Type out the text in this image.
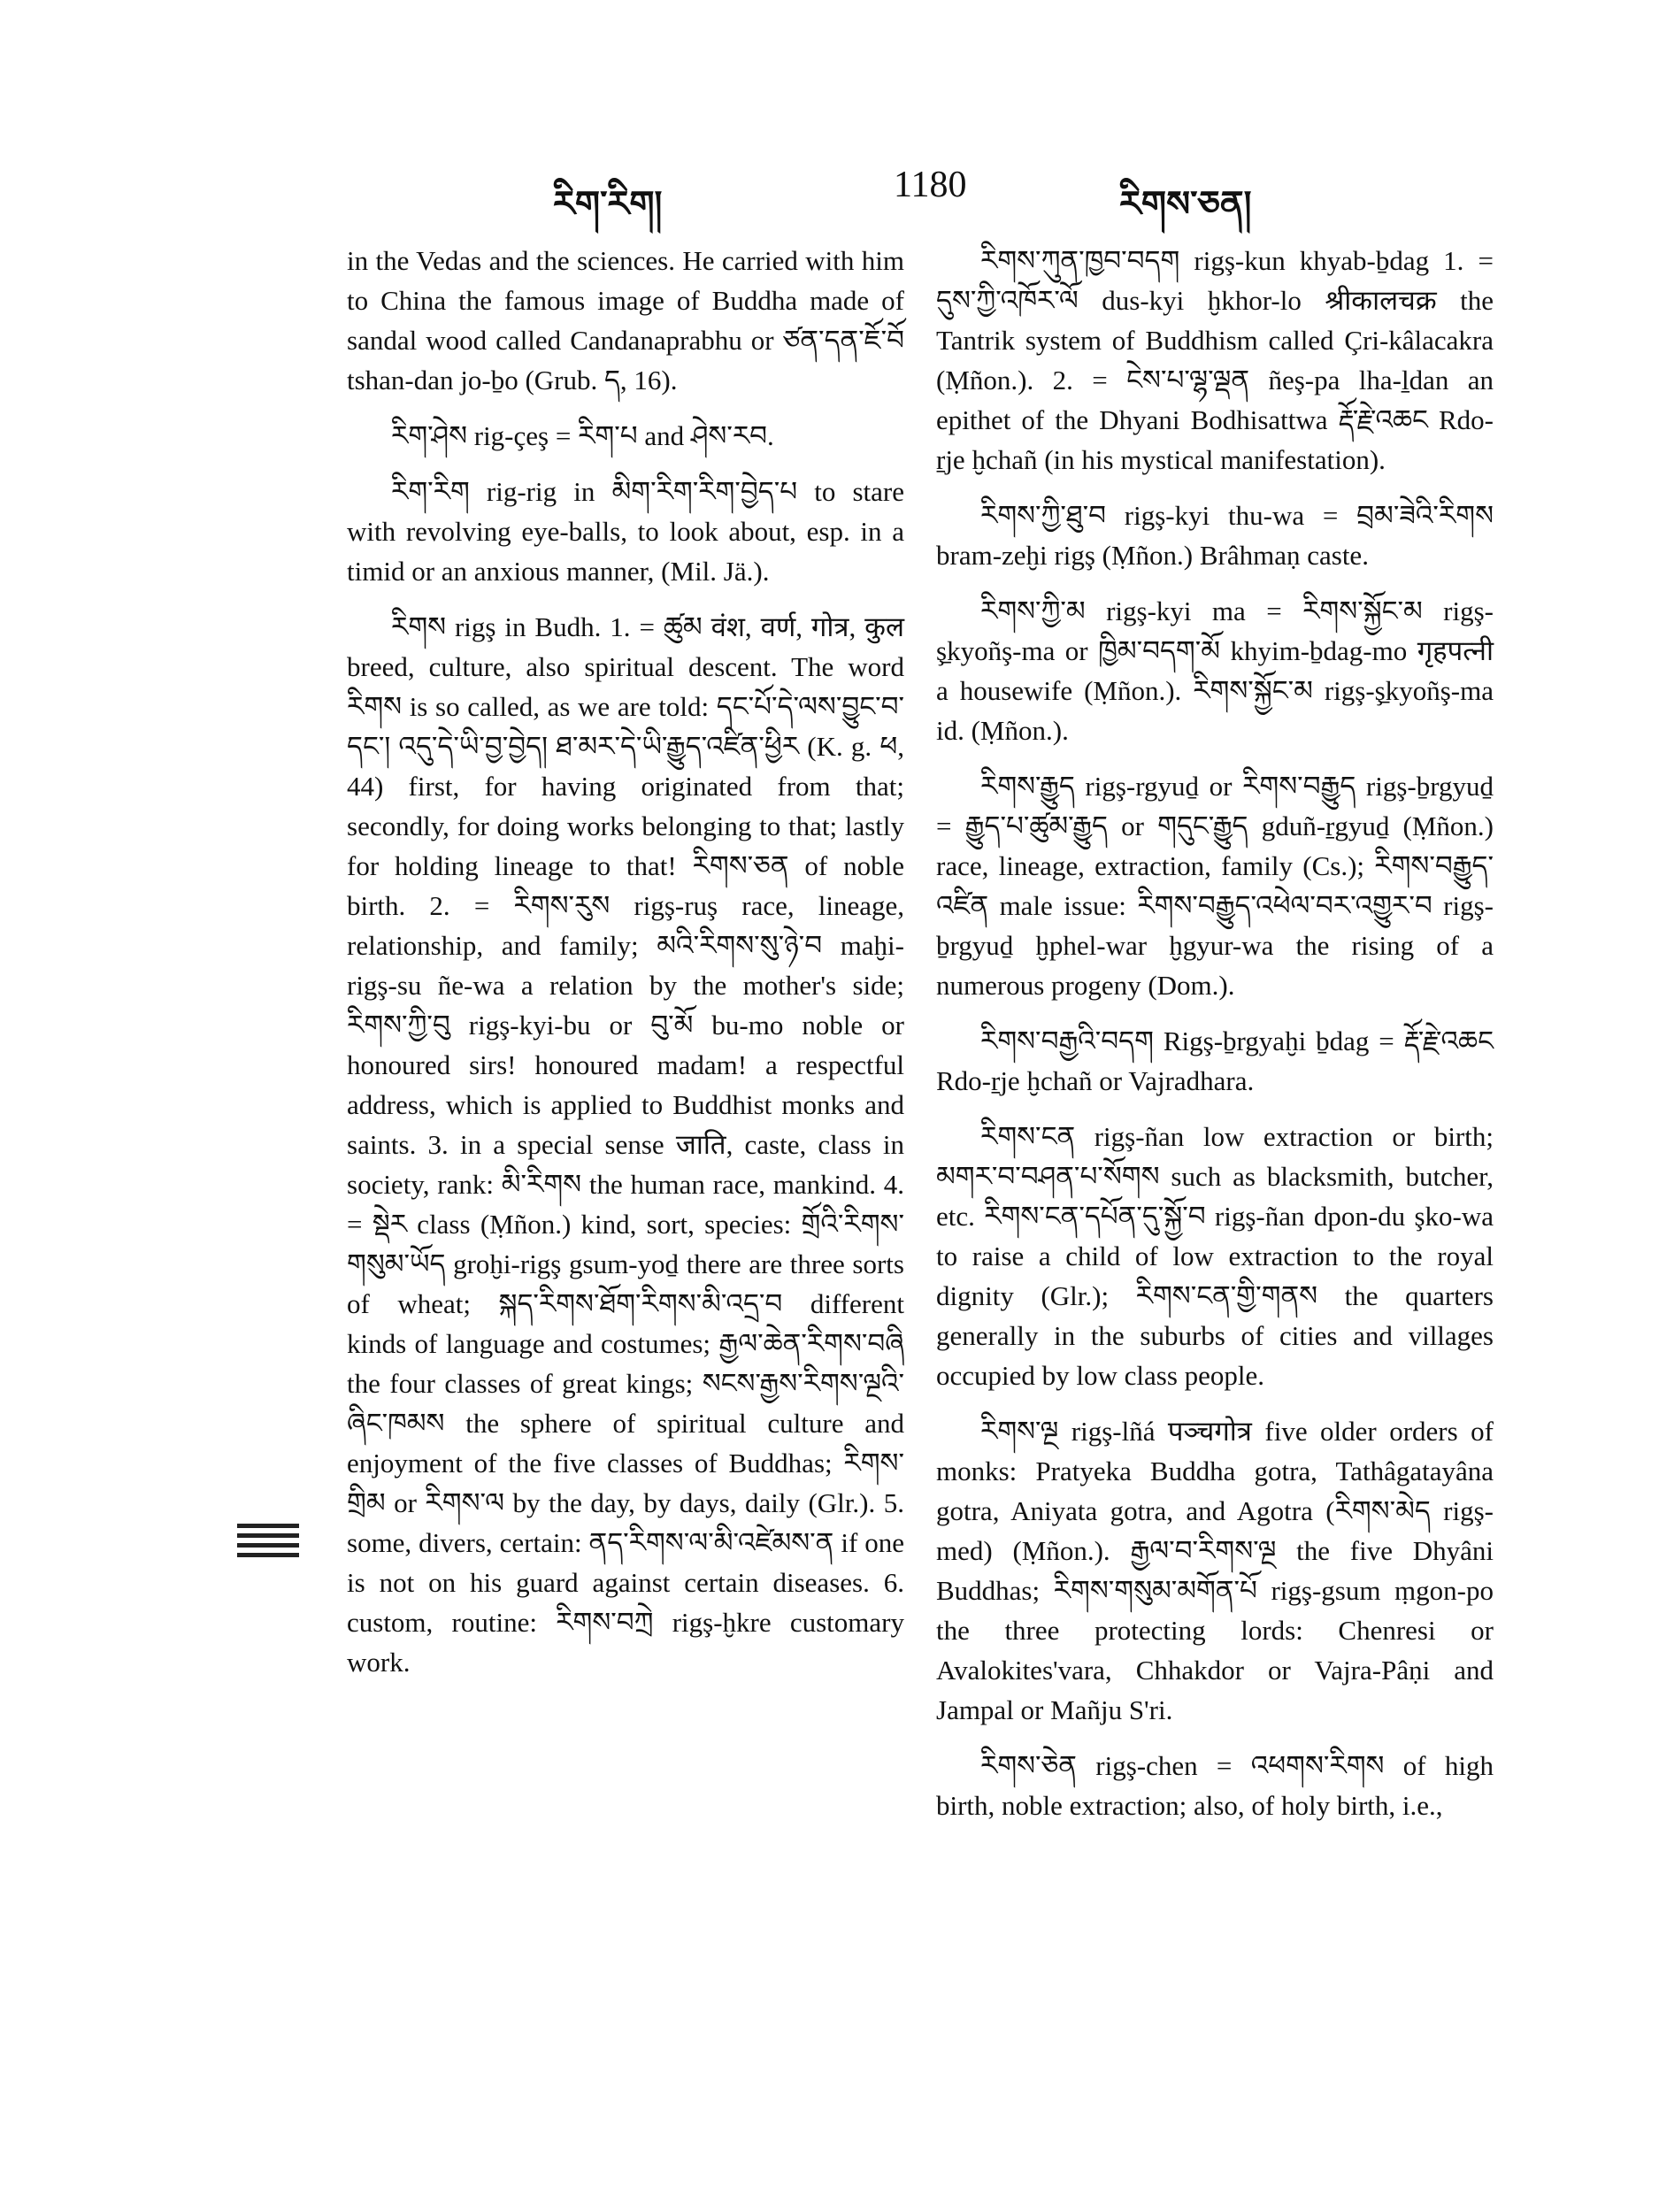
རིག་རིག།	1180	རིགས་ཅན།

in the Vedas and the sciences. He carried with him to China the famous image of Buddha made of sandal wood called Candanaprabhu or ཙན་དན་ཇོ་བོ tshan-dan jo-ḇo (Grub. ད, 16).

རིག་ཤེས rig-çeş = རིག་པ and ཤེས་རབ.

རིག་རིག rig-rig in མིག་རིག་རིག་བྱེད་པ to stare with revolving eye-balls, to look about, esp. in a timid or an anxious manner, (Mil. Jä.).

རིགས rigş in Budh. 1. = ཚུམ वंश, वर्ण, गोत्र, कुल breed, culture, also spiritual descent. The word རིགས is so called, as we are told: དང་པོ་དེ་ལས་བྱུང་བ་དང་། འདུ་དེ་ཡི་བྱ་བྱེད། ཐ་མར་དེ་ཡི་རྒྱུད་འཛིན་ཕྱིར (K. g. ཕ, 44) first, for having originated from that; secondly, for doing works belonging to that; lastly for holding lineage to that! རིགས་ཅན of noble birth. 2. = རིགས་རུས rigş-ruş race, lineage, relationship, and family; མའི་རིགས་སུ་ཉེ་བ maḫi-rigş-su ñe-wa a relation by the mother's side; རིགས་ཀྱི་བུ rigş-kyi-bu or བུ་མོ bu-mo noble or honoured sirs! honoured madam! a respectful address, which is applied to Buddhist monks and saints. 3. in a special sense जाति, caste, class in society, rank: མི་རིགས the human race, mankind. 4. = སྡེར class (Ṃñon.) kind, sort, species: གྲོའི་རིགས་གསུམ་ཡོད groḫi-rigş gsum-yoḏ there are three sorts of wheat; སྐད་རིགས་ཐོག་རིགས་མི་འདྲ་བ different kinds of language and costumes; རྒྱལ་ཆེན་རིགས་བཞི the four classes of great kings; སངས་རྒྱས་རིགས་ལྔའི་ཞིང་ཁམས the sphere of spiritual culture and enjoyment of the five classes of Buddhas; རིགས་གྲིམ or རིགས་ལ by the day, by days, daily (Glr.). 5. some, divers, certain: ནད་རིགས་ལ་མི་འཛེམས་ན if one is not on his guard against certain diseases. 6. custom, routine: རིགས་བཀྲེ rigş-ḫkre customary work.

རིགས་ཀུན་ཁྱབ་བདག rigş-kun khyab-ḇdag 1. = དུས་ཀྱི་འཁོར་ལོ dus-kyi ḫkhor-lo श्रीकालचक्र the Tantrik system of Buddhism called Çri-kâlacakra (Ṃñon.). 2. = ངེས་པ་ལྷ་ལྡན ñeş-pa lha-ḻdan an epithet of the Dhyani Bodhisattwa རྡོ་རྗེ་འཆང Rdo-ṟje ḫchañ (in his mystical manifestation).

རིགས་ཀྱི་ཐུ་བ rigş-kyi thu-wa = བྲམ་ཟེའི་རིགས bram-zeḫi rigş (Ṃñon.) Brâhmaṇ caste.

རིགས་ཀྱི་མ rigş-kyi ma = རིགས་སྐྱོང་མ rigş-ş̱kyoñş-ma or ཁྱིམ་བདག་མོ khyim-ḇdag-mo गृहपत्नी a housewife (Ṃñon.). རིགས་སྐྱོང་མ rigş-ş̱kyoñş-ma id. (Ṃñon.).

རིགས་རྒྱུད rigş-rgyuḏ or རིགས་བརྒྱུད rigş-ḇrgyuḏ = རྒྱུད་པ་ཚུམ་རྒྱུད or གདུང་རྒྱུད gduñ-ṟgyuḏ (Ṃñon.) race, lineage, extraction, family (Cs.); རིགས་བརྒྱུད་འཛིན male issue: རིགས་བརྒྱུད་འཕེལ་བར་འགྱུར་བ rigş-ḇrgyuḏ ḫphel-war ḫgyur-wa the rising of a numerous progeny (Dom.).

རིགས་བརྒྱའི་བདག Rigş-ḇrgyaḫi ḇdag = རྡོ་རྗེ་འཆང Rdo-ṟje ḫchañ or Vajradhara.

རིགས་ངན rigş-ñan low extraction or birth; མགར་བ་བཤན་པ་སོགས such as blacksmith, butcher, etc. རིགས་ངན་དཔོན་དུ་སྐྱོ་བ rigş-ñan dpon-du şko-wa to raise a child of low extraction to the royal dignity (Glr.); རིགས་ངན་གྱི་གནས the quarters generally in the suburbs of cities and villages occupied by low class people.

རིགས་ལྔ rigş-lñá पञ्चगोत्र five older orders of monks: Pratyeka Buddha gotra, Tathâgatayâna gotra, Aniyata gotra, and Agotra (རིགས་མེད rigş-med) (Ṃñon.). རྒྱལ་བ་རིགས་ལྔ the five Dhyâni Buddhas; རིགས་གསུམ་མགོན་པོ rigş-gsum ṃgon-po the three protecting lords: Chenresi or Avalokites'vara, Chhakdor or Vajra-Pâṇi and Jampal or Mañju S'ri.

རིགས་ཅེན rigş-chen = འཕགས་རིགས of high birth, noble extraction; also, of holy birth, i.e.,
